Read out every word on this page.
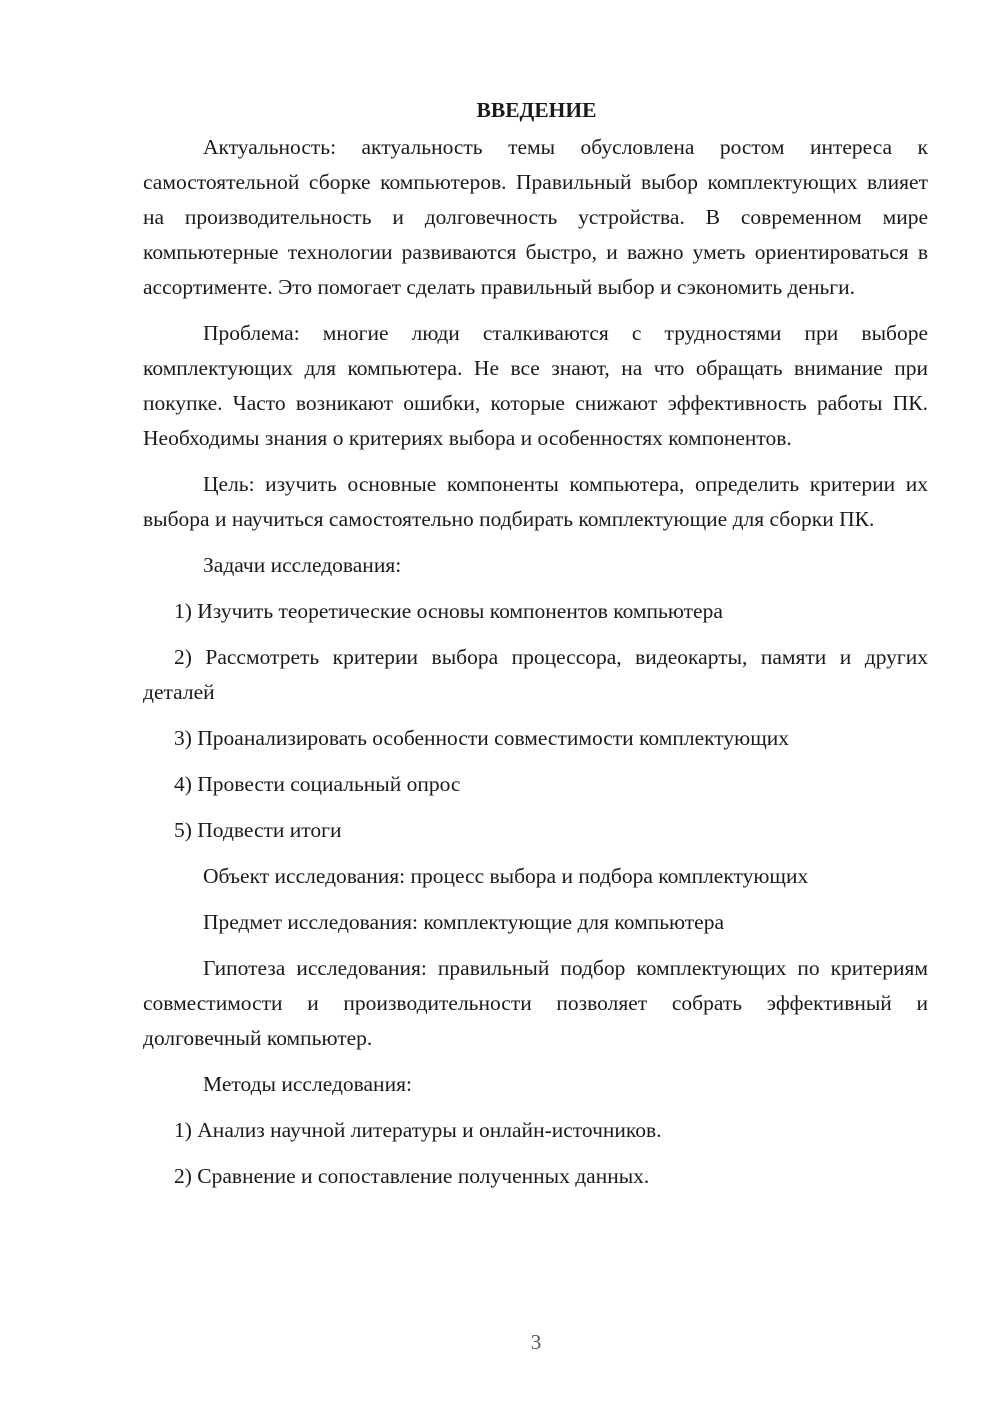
ВВЕДЕНИЕ

Актуальность: актуальность темы обусловлена ростом интереса к самостоятельной сборке компьютеров. Правильный выбор комплектующих влияет на производительность и долговечность устройства. В современном мире компьютерные технологии развиваются быстро, и важно уметь ориентироваться в ассортименте. Это помогает сделать правильный выбор и сэкономить деньги.

Проблема: многие люди сталкиваются с трудностями при выборе комплектующих для компьютера. Не все знают, на что обращать внимание при покупке. Часто возникают ошибки, которые снижают эффективность работы ПК. Необходимы знания о критериях выбора и особенностях компонентов.

Цель: изучить основные компоненты компьютера, определить критерии их выбора и научиться самостоятельно подбирать комплектующие для сборки ПК.

Задачи исследования:

1) Изучить теоретические основы компонентов компьютера

2) Рассмотреть критерии выбора процессора, видеокарты, памяти и других деталей

3) Проанализировать особенности совместимости комплектующих

4) Провести социальный опрос

5) Подвести итоги

Объект исследования: процесс выбора и подбора комплектующих

Предмет исследования: комплектующие для компьютера

Гипотеза исследования: правильный подбор комплектующих по критериям совместимости и производительности позволяет собрать эффективный и долговечный компьютер.

Методы исследования:

1) Анализ научной литературы и онлайн-источников.

2) Сравнение и сопоставление полученных данных.

3
